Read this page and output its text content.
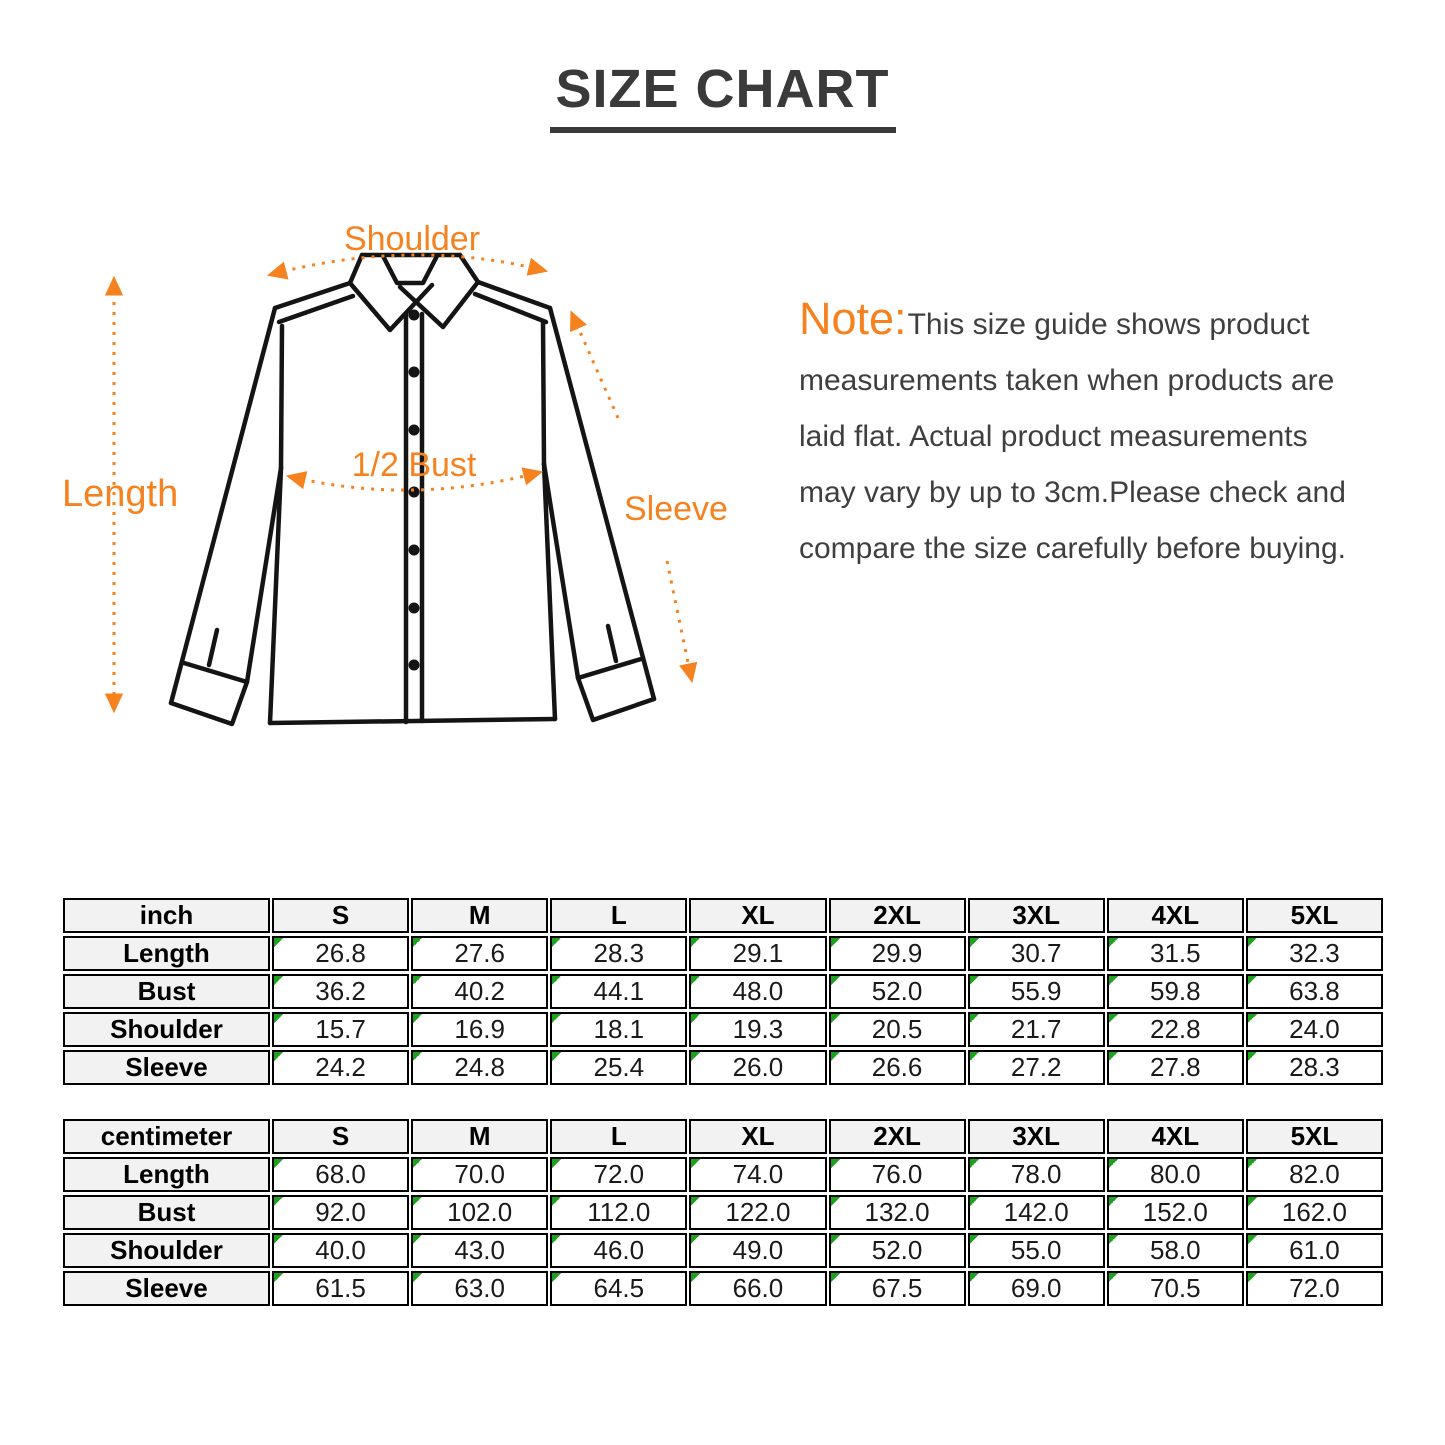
SIZE CHART
Shoulder
Length
1/2 Bust
Sleeve

Note:This size guide shows product

measurements taken when products are

laid flat. Actual product measurements

may vary by up to 3cm.Please check and

compare the size carefully before buying.

inch	S	M	L	XL	2XL	3XL	4XL	5XL
Length	26.8	27.6	28.3	29.1	29.9	30.7	31.5	32.3
Bust	36.2	40.2	44.1	48.0	52.0	55.9	59.8	63.8
Shoulder	15.7	16.9	18.1	19.3	20.5	21.7	22.8	24.0
Sleeve	24.2	24.8	25.4	26.0	26.6	27.2	27.8	28.3
centimeter	S	M	L	XL	2XL	3XL	4XL	5XL
Length	68.0	70.0	72.0	74.0	76.0	78.0	80.0	82.0
Bust	92.0	102.0	112.0	122.0	132.0	142.0	152.0	162.0
Shoulder	40.0	43.0	46.0	49.0	52.0	55.0	58.0	61.0
Sleeve	61.5	63.0	64.5	66.0	67.5	69.0	70.5	72.0
